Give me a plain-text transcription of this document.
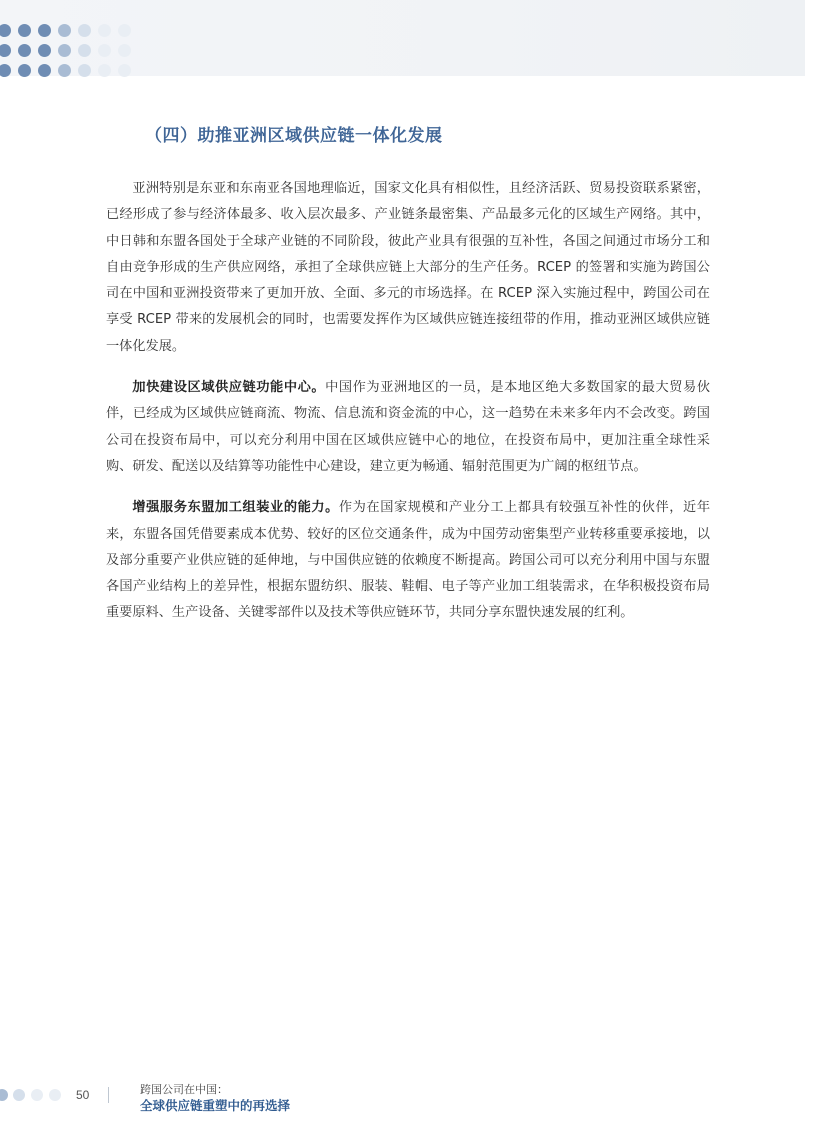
（四）助推亚洲区域供应链一体化发展

亚洲特别是东亚和东南亚各国地理临近，国家文化具有相似性，且经济活跃、贸易投资联系紧密，已经形成了参与经济体最多、收入层次最多、产业链条最密集、产品最多元化的区域生产网络。其中，中日韩和东盟各国处于全球产业链的不同阶段，彼此产业具有很强的互补性，各国之间通过市场分工和自由竞争形成的生产供应网络，承担了全球供应链上大部分的生产任务。RCEP 的签署和实施为跨国公司在中国和亚洲投资带来了更加开放、全面、多元的市场选择。在 RCEP 深入实施过程中，跨国公司在享受 RCEP 带来的发展机会的同时，也需要发挥作为区域供应链连接纽带的作用，推动亚洲区域供应链一体化发展。

加快建设区域供应链功能中心。中国作为亚洲地区的一员，是本地区绝大多数国家的最大贸易伙伴，已经成为区域供应链商流、物流、信息流和资金流的中心，这一趋势在未来多年内不会改变。跨国公司在投资布局中，可以充分利用中国在区域供应链中心的地位，在投资布局中，更加注重全球性采购、研发、配送以及结算等功能性中心建设，建立更为畅通、辐射范围更为广阔的枢纽节点。

增强服务东盟加工组装业的能力。作为在国家规模和产业分工上都具有较强互补性的伙伴，近年来，东盟各国凭借要素成本优势、较好的区位交通条件，成为中国劳动密集型产业转移重要承接地，以及部分重要产业供应链的延伸地，与中国供应链的依赖度不断提高。跨国公司可以充分利用中国与东盟各国产业结构上的差异性，根据东盟纺织、服装、鞋帽、电子等产业加工组装需求，在华积极投资布局重要原料、生产设备、关键零部件以及技术等供应链环节，共同分享东盟快速发展的红利。

50	跨国公司在中国：
全球供应链重塑中的再选择
